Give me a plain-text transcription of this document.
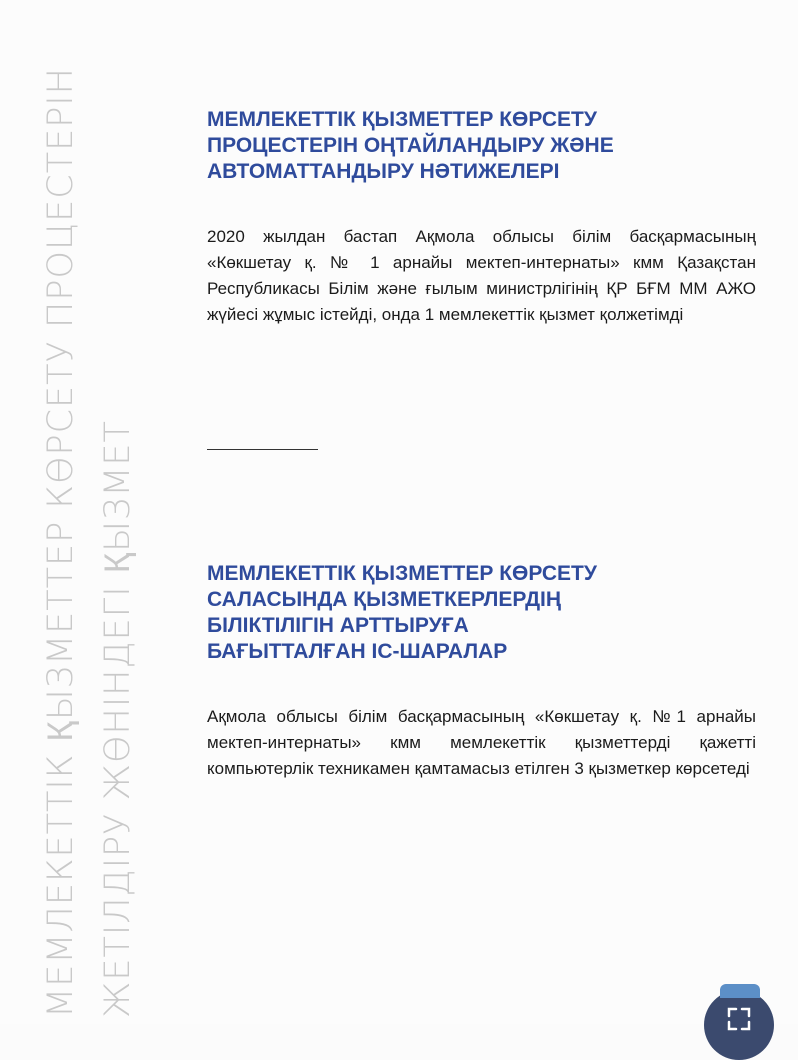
МЕМЛЕКЕТТІК ҚЫЗМЕТТЕР КӨРСЕТУ ПРОЦЕСТЕРІН ЖЕТІЛДІРУ ЖӨНІНДЕГІ ҚЫЗМЕТ
МЕМЛЕКЕТТІК ҚЫЗМЕТТЕР КӨРСЕТУ
ПРОЦЕСТЕРІН ОҢТАЙЛАНДЫРУ ЖӘНЕ
АВТОМАТТАНДЫРУ НӘТИЖЕЛЕРІ

2020 жылдан бастап Ақмола облысы білім басқармасының «Көкшетау қ. № 1 арнайы мектеп-интернаты» кмм Қазақстан Республикасы Білім және ғылым министрлігінің ҚР БҒМ ММ АЖО жүйесі жұмыс істейді, онда 1 мемлекеттік қызмет қолжетімді

МЕМЛЕКЕТТІК ҚЫЗМЕТТЕР КӨРСЕТУ
САЛАСЫНДА ҚЫЗМЕТКЕРЛЕРДІҢ
БІЛІКТІЛІГІН АРТТЫРУҒА
БАҒЫТТАЛҒАН ІС-ШАРАЛАР

Ақмола облысы білім басқармасының «Көкшетау қ. №1 арнайы мектеп-интернаты» кмм мемлекеттік қызметтерді қажетті компьютерлік техникамен қамтамасыз етілген 3 қызметкер көрсетеді
